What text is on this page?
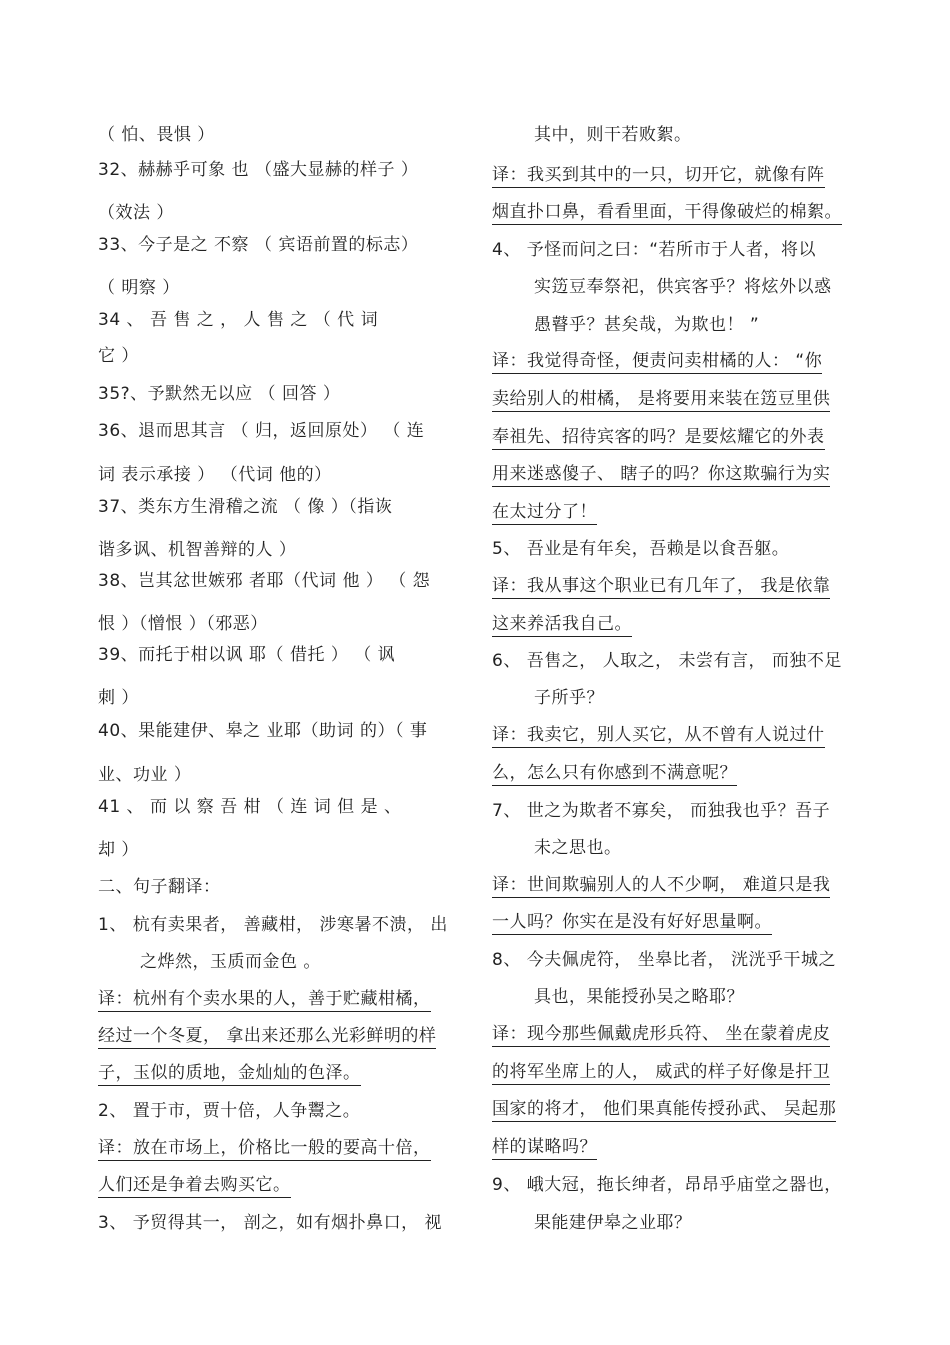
（ 怕、畏惧 ）
32、赫赫乎可象 也 （盛大显赫的样子 ）
（效法 ）
33、今子是之 不察 （ 宾语前置的标志）
（ 明察 ）
34 、 吾 售 之 ， 人 售 之 （ 代 词
它 ）
35?、予默然无以应 （ 回答 ）
36、退而思其言 （ 归，返回原处） （ 连
词 表示承接 ） （代词 他的）
37、类东方生滑稽之流 （ 像 ）（指诙
谐多讽、机智善辩的人 ）
38、岂其忿世嫉邪 者耶（代词 他 ） （ 怨
恨 ）（憎恨 ）（邪恶）
39、而托于柑以讽 耶（ 借托 ） （ 讽
刺 ）
40、果能建伊、皋之 业耶（助词 的）（ 事
业、功业 ）
41 、 而 以 察 吾 柑 （ 连 词 但 是 、
却 ）
二、句子翻译：
1、 杭有卖果者， 善藏柑， 涉寒暑不溃， 出
之烨然，玉质而金色 。
译：杭州有个卖水果的人，善于贮藏柑橘，
经过一个冬夏， 拿出来还那么光彩鲜明的样
子，玉似的质地，金灿灿的色泽。
2、 置于市，贾十倍，人争鬻之。
译：放在市场上，价格比一般的要高十倍，
人们还是争着去购买它。
3、 予贸得其一， 剖之，如有烟扑鼻口， 视
其中，则干若败絮。
译：我买到其中的一只，切开它，就像有阵
烟直扑口鼻，看看里面，干得像破烂的棉絮。
4、 予怪而问之曰：“若所市于人者，将以
实笾豆奉祭祀，供宾客乎？将炫外以惑
愚瞽乎？甚矣哉，为欺也！ ”
译：我觉得奇怪，便责问卖柑橘的人： “你
卖给别人的柑橘， 是将要用来装在笾豆里供
奉祖先、招待宾客的吗？是要炫耀它的外表
用来迷惑傻子、 瞎子的吗？你这欺骗行为实
在太过分了！
5、 吾业是有年矣，吾赖是以食吾躯。
译：我从事这个职业已有几年了， 我是依靠
这来养活我自己。
6、 吾售之， 人取之， 未尝有言， 而独不足
子所乎？
译：我卖它，别人买它，从不曾有人说过什
么，怎么只有你感到不满意呢？
7、 世之为欺者不寡矣， 而独我也乎？吾子
未之思也。
译：世间欺骗别人的人不少啊， 难道只是我
一人吗？你实在是没有好好思量啊。
8、 今夫佩虎符， 坐皋比者， 洸洸乎干城之
具也，果能授孙吴之略耶？
译：现今那些佩戴虎形兵符、 坐在蒙着虎皮
的将军坐席上的人， 威武的样子好像是扞卫
国家的将才， 他们果真能传授孙武、 吴起那
样的谋略吗？
9、 峨大冠，拖长绅者，昂昂乎庙堂之器也，
果能建伊皋之业耶？
